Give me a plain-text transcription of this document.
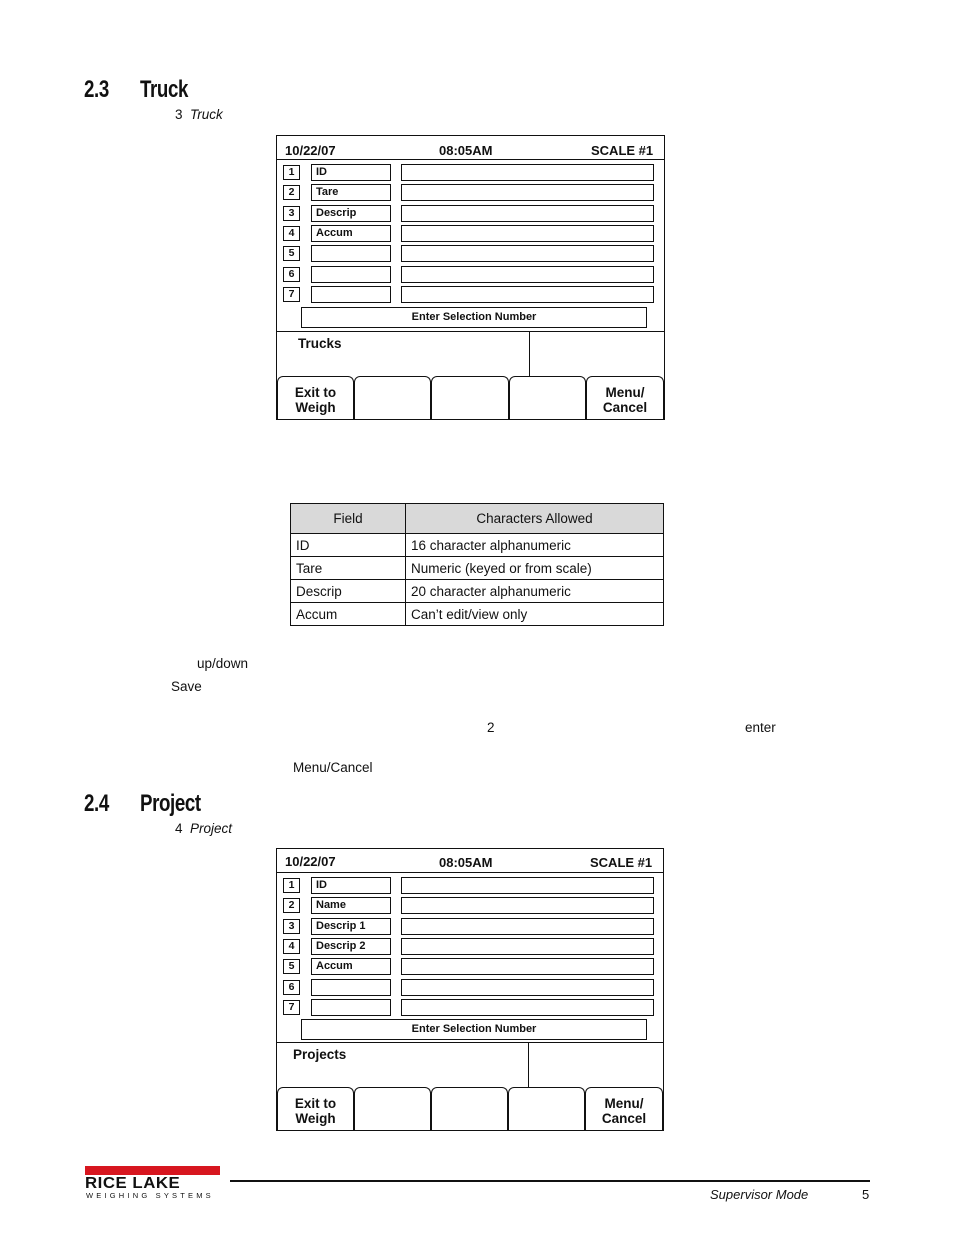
2.3 Truck
3 Truck
10/22/07	08:05AM	SCALE #1
1	ID
2	Tare
3	Descrip
4	Accum
5
6
7
Enter Selection Number
Trucks
Exit to
Weigh
Menu/
Cancel
Field	Characters Allowed
ID	16 character alphanumeric
Tare	Numeric (keyed or from scale)
Descrip	20 character alphanumeric
Accum	Can’t edit/view only
up/down
Save
2	enter
Menu/Cancel
2.4 Project
4 Project
10/22/07	08:05AM	SCALE #1
1	ID
2	Name
3	Descrip 1
4	Descrip 2
5	Accum
6
7
Enter Selection Number
Projects
Exit to
Weigh
Menu/
Cancel
RICE LAKE
WEIGHING SYSTEMS	Supervisor Mode	5
